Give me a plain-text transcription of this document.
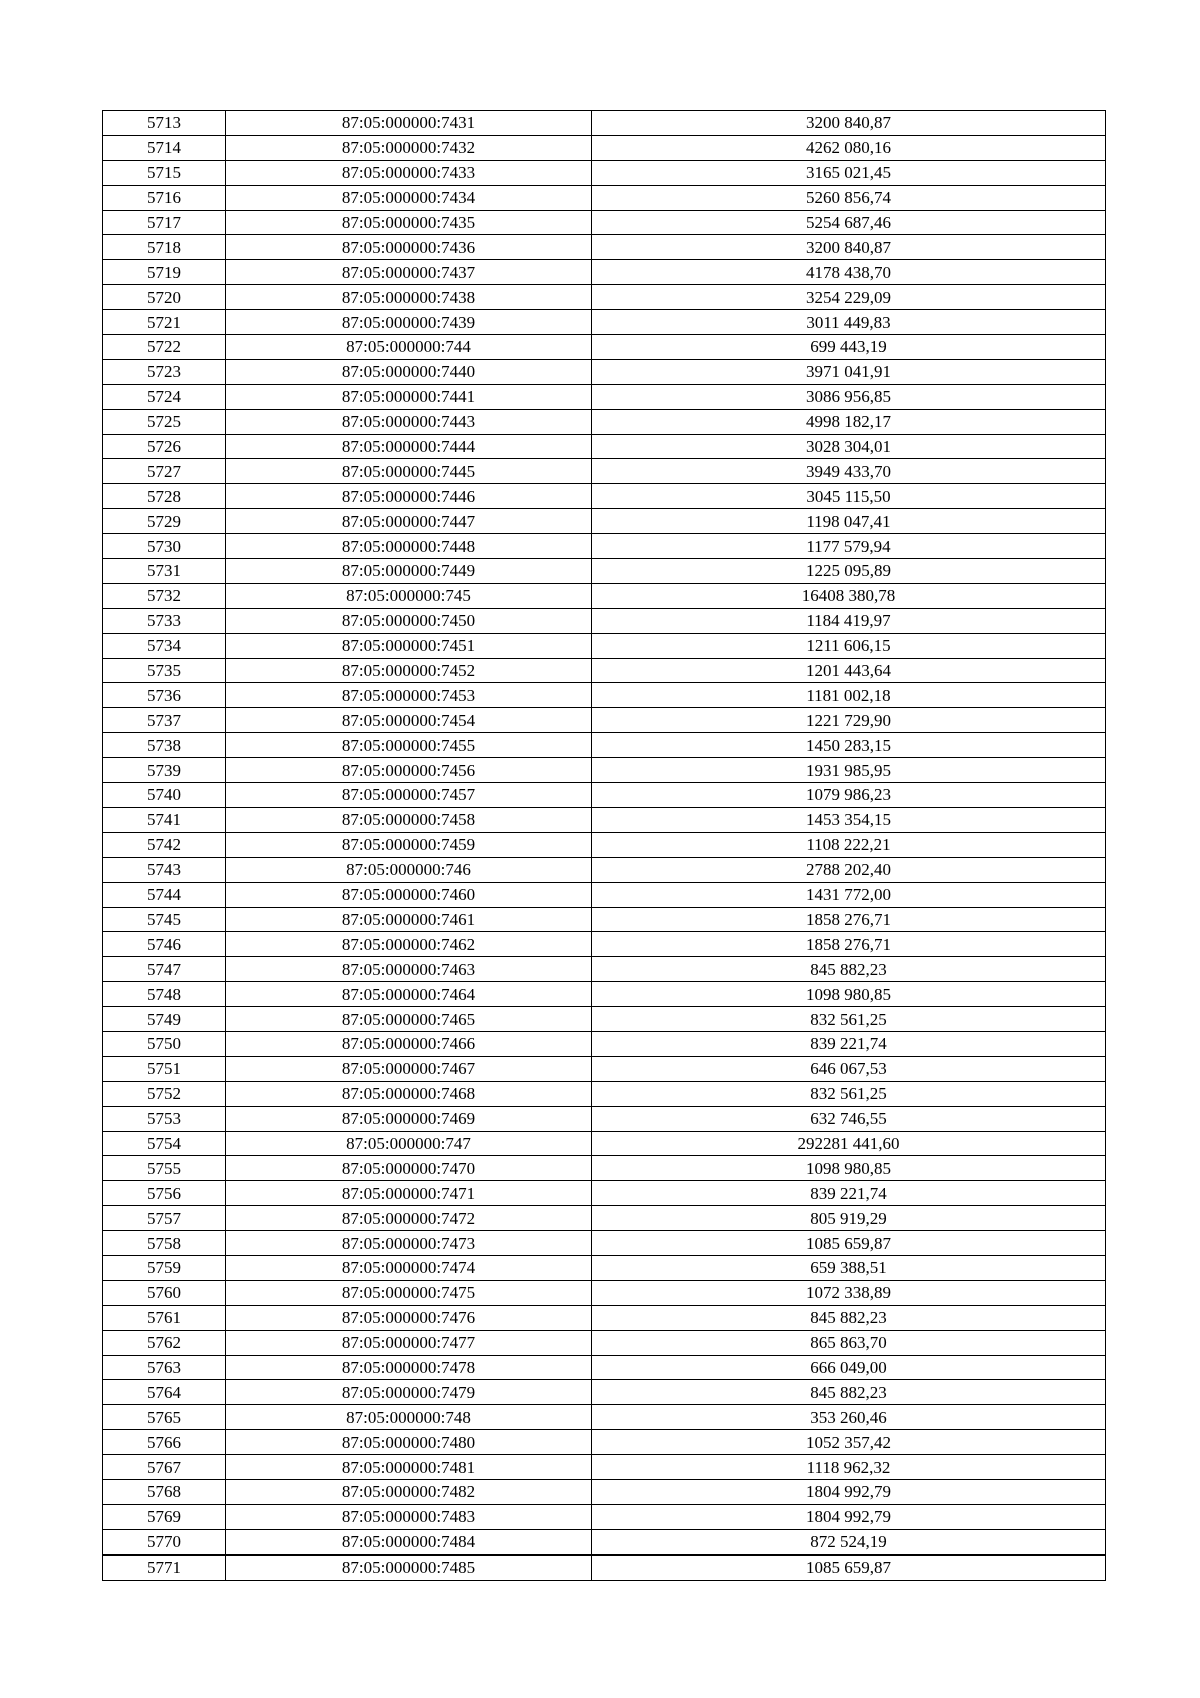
5713	87:05:000000:7431	3200 840,87
5714	87:05:000000:7432	4262 080,16
5715	87:05:000000:7433	3165 021,45
5716	87:05:000000:7434	5260 856,74
5717	87:05:000000:7435	5254 687,46
5718	87:05:000000:7436	3200 840,87
5719	87:05:000000:7437	4178 438,70
5720	87:05:000000:7438	3254 229,09
5721	87:05:000000:7439	3011 449,83
5722	87:05:000000:744	699 443,19
5723	87:05:000000:7440	3971 041,91
5724	87:05:000000:7441	3086 956,85
5725	87:05:000000:7443	4998 182,17
5726	87:05:000000:7444	3028 304,01
5727	87:05:000000:7445	3949 433,70
5728	87:05:000000:7446	3045 115,50
5729	87:05:000000:7447	1198 047,41
5730	87:05:000000:7448	1177 579,94
5731	87:05:000000:7449	1225 095,89
5732	87:05:000000:745	16408 380,78
5733	87:05:000000:7450	1184 419,97
5734	87:05:000000:7451	1211 606,15
5735	87:05:000000:7452	1201 443,64
5736	87:05:000000:7453	1181 002,18
5737	87:05:000000:7454	1221 729,90
5738	87:05:000000:7455	1450 283,15
5739	87:05:000000:7456	1931 985,95
5740	87:05:000000:7457	1079 986,23
5741	87:05:000000:7458	1453 354,15
5742	87:05:000000:7459	1108 222,21
5743	87:05:000000:746	2788 202,40
5744	87:05:000000:7460	1431 772,00
5745	87:05:000000:7461	1858 276,71
5746	87:05:000000:7462	1858 276,71
5747	87:05:000000:7463	845 882,23
5748	87:05:000000:7464	1098 980,85
5749	87:05:000000:7465	832 561,25
5750	87:05:000000:7466	839 221,74
5751	87:05:000000:7467	646 067,53
5752	87:05:000000:7468	832 561,25
5753	87:05:000000:7469	632 746,55
5754	87:05:000000:747	292281 441,60
5755	87:05:000000:7470	1098 980,85
5756	87:05:000000:7471	839 221,74
5757	87:05:000000:7472	805 919,29
5758	87:05:000000:7473	1085 659,87
5759	87:05:000000:7474	659 388,51
5760	87:05:000000:7475	1072 338,89
5761	87:05:000000:7476	845 882,23
5762	87:05:000000:7477	865 863,70
5763	87:05:000000:7478	666 049,00
5764	87:05:000000:7479	845 882,23
5765	87:05:000000:748	353 260,46
5766	87:05:000000:7480	1052 357,42
5767	87:05:000000:7481	1118 962,32
5768	87:05:000000:7482	1804 992,79
5769	87:05:000000:7483	1804 992,79
5770	87:05:000000:7484	872 524,19
5771	87:05:000000:7485	1085 659,87
